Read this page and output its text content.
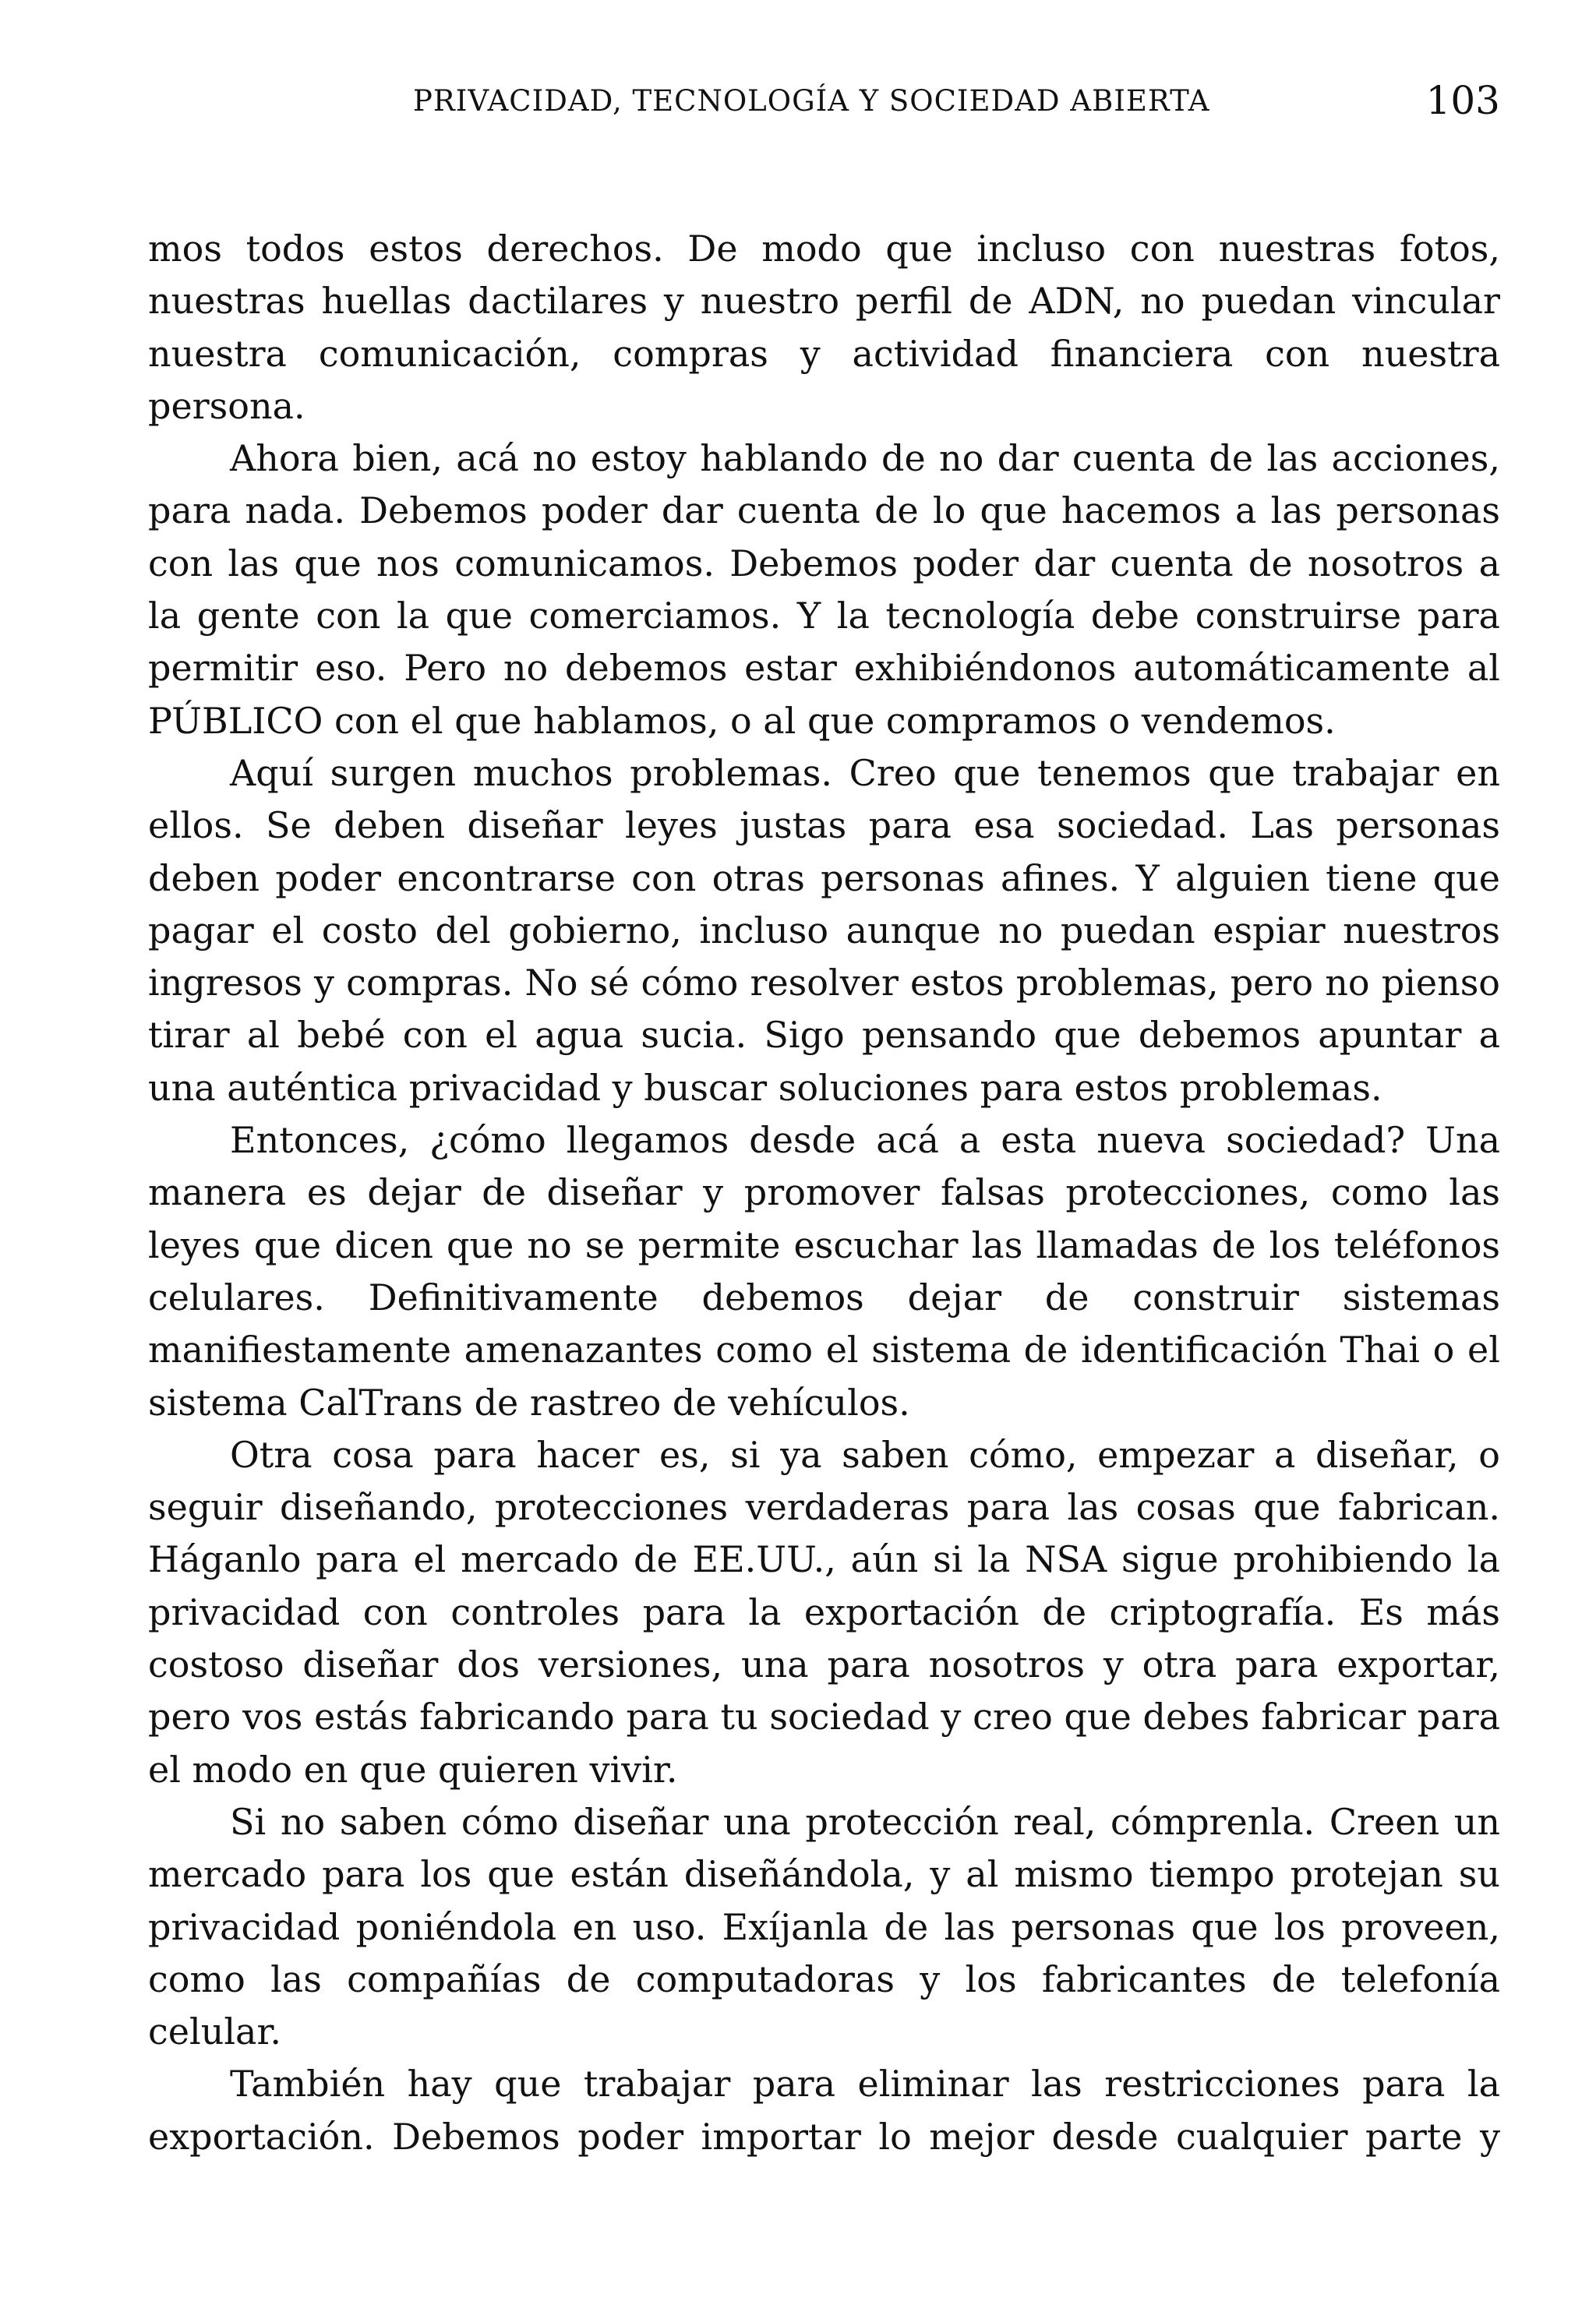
PRIVACIDAD, TECNOLOGÍA Y SOCIEDAD ABIERTA	103

mos todos estos derechos. De modo que incluso con nuestras fotos, nuestras huellas dactilares y nuestro perfil de ADN, no puedan vincular nuestra comunicación, compras y actividad financiera con nuestra persona.

Ahora bien, acá no estoy hablando de no dar cuenta de las acciones, para nada. Debemos poder dar cuenta de lo que hacemos a las personas con las que nos comunicamos. Debemos poder dar cuenta de nosotros a la gente con la que comerciamos. Y la tecnología debe construirse para permitir eso. Pero no debemos estar exhibiéndonos automáticamente al PÚBLICO con el que hablamos, o al que compramos o vendemos.

Aquí surgen muchos problemas. Creo que tenemos que trabajar en ellos. Se deben diseñar leyes justas para esa sociedad. Las personas deben poder encontrarse con otras personas afines. Y alguien tiene que pagar el costo del gobierno, incluso aunque no puedan espiar nuestros ingresos y compras. No sé cómo resolver estos problemas, pero no pienso tirar al bebé con el agua sucia. Sigo pensando que debemos apuntar a una auténtica privacidad y buscar soluciones para estos problemas.

Entonces, ¿cómo llegamos desde acá a esta nueva sociedad? Una manera es dejar de diseñar y promover falsas protecciones, como las leyes que dicen que no se permite escuchar las llamadas de los teléfonos celulares. Definitivamente debemos dejar de construir sistemas manifiestamente amenazantes como el sistema de identificación Thai o el sistema CalTrans de rastreo de vehículos.

Otra cosa para hacer es, si ya saben cómo, empezar a diseñar, o seguir diseñando, protecciones verdaderas para las cosas que fabrican. Háganlo para el mercado de EE.UU., aún si la NSA sigue prohibiendo la privacidad con controles para la exportación de criptografía. Es más costoso diseñar dos versiones, una para nosotros y otra para exportar, pero vos estás fabricando para tu sociedad y creo que debes fabricar para el modo en que quieren vivir.

Si no saben cómo diseñar una protección real, cómprenla. Creen un mercado para los que están diseñándola, y al mismo tiempo protejan su privacidad poniéndola en uso. Exíjanla de las personas que los proveen, como las compañías de computadoras y los fabricantes de telefonía celular.

También hay que trabajar para eliminar las restricciones para la exportación. Debemos poder importar lo mejor desde cualquier parte y
